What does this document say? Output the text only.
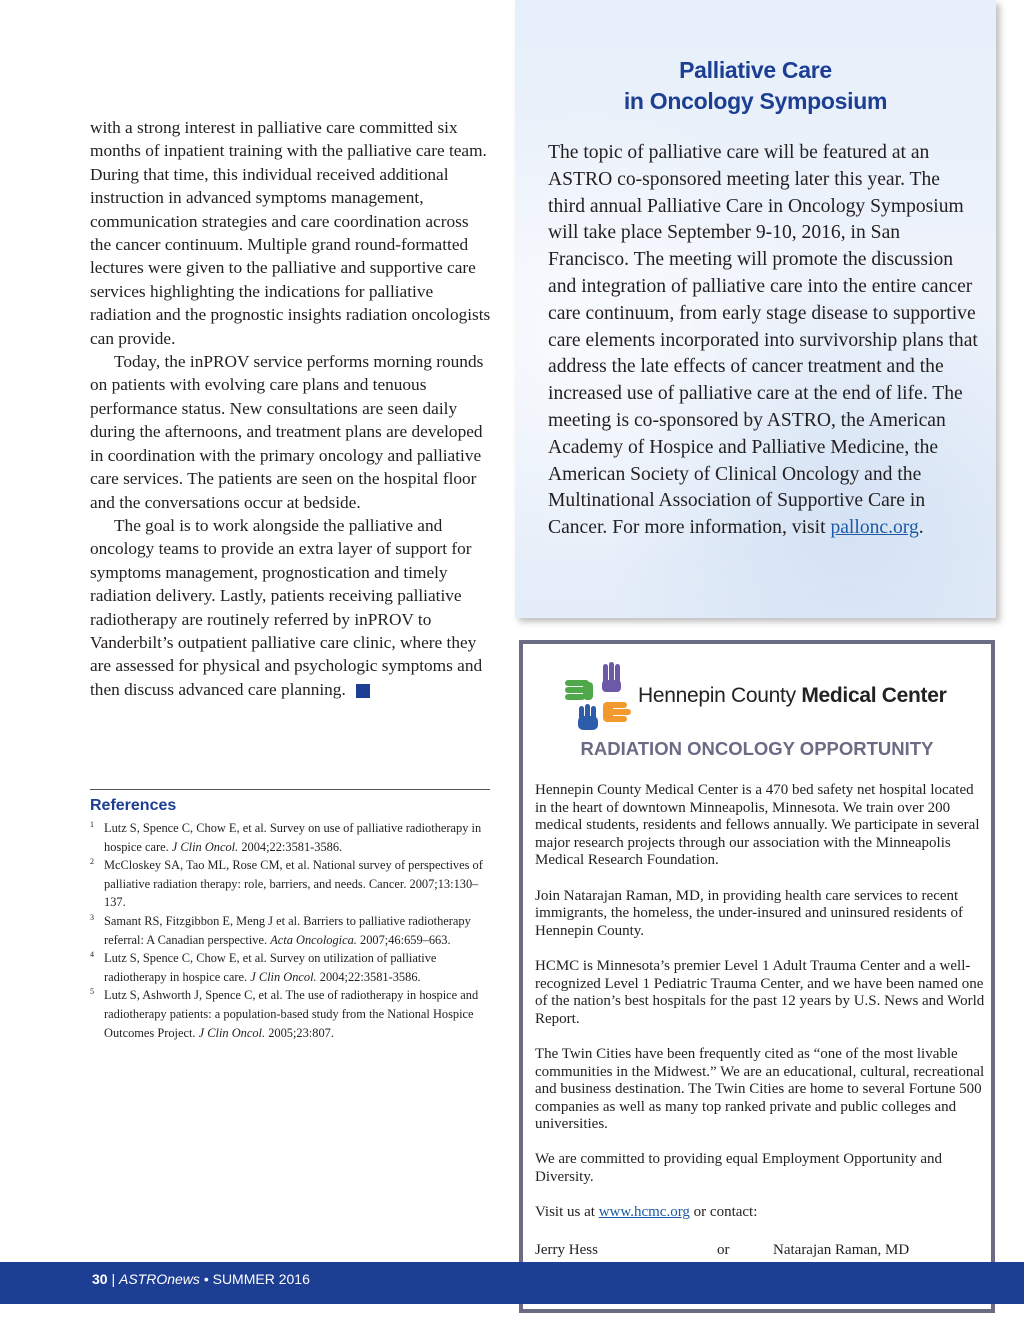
with a strong interest in palliative care committed six months of inpatient training with the palliative care team. During that time, this individual received additional instruction in advanced symptoms management, communication strategies and care coordination across the cancer continuum. Multiple grand round-formatted lectures were given to the palliative and supportive care services highlighting the indications for palliative radiation and the prognostic insights radiation oncologists can provide.

Today, the inPROV service performs morning rounds on patients with evolving care plans and tenuous performance status. New consultations are seen daily during the afternoons, and treatment plans are developed in coordination with the primary oncology and palliative care services. The patients are seen on the hospital floor and the conversations occur at bedside.

The goal is to work alongside the palliative and oncology teams to provide an extra layer of support for symptoms management, prognostication and timely radiation delivery. Lastly, patients receiving palliative radiotherapy are routinely referred by inPROV to Vanderbilt’s outpatient palliative care clinic, where they are assessed for physical and psychologic symptoms and then discuss advanced care planning.	A

References
1 Lutz S, Spence C, Chow E, et al. Survey on use of palliative radiotherapy in hospice care. J Clin Oncol. 2004;22:3581-3586.
2 McCloskey SA, Tao ML, Rose CM, et al. National survey of perspectives of palliative radiation therapy: role, barriers, and needs. Cancer. 2007;13:130–137.
3 Samant RS, Fitzgibbon E, Meng J et al. Barriers to palliative radiotherapy referral: A Canadian perspective. Acta Oncologica. 2007;46:659–663.
4 Lutz S, Spence C, Chow E, et al. Survey on utilization of palliative radiotherapy in hospice care. J Clin Oncol. 2004;22:3581-3586.
5 Lutz S, Ashworth J, Spence C, et al. The use of radiotherapy in hospice and radiotherapy patients: a population-based study from the National Hospice Outcomes Project. J Clin Oncol. 2005;23:807.
Palliative Care
in Oncology Symposium
The topic of palliative care will be featured at an ASTRO co-sponsored meeting later this year. The third annual Palliative Care in Oncology Symposium will take place September 9-10, 2016, in San Francisco. The meeting will promote the discussion and integration of palliative care into the entire cancer care continuum, from early stage disease to supportive care elements incorporated into survivorship plans that address the late effects of cancer treatment and the increased use of palliative care at the end of life. The meeting is co-sponsored by ASTRO, the American Academy of Hospice and Palliative Medicine, the American Society of Clinical Oncology and the Multinational Association of Supportive Care in Cancer. For more information, visit pallonc.org.
Hennepin County Medical Center
RADIATION ONCOLOGY OPPORTUNITY

Hennepin County Medical Center is a 470 bed safety net hospital located in the heart of downtown Minneapolis, Minnesota. We train over 200 medical students, residents and fellows annually. We participate in several major research projects through our association with the Minneapolis Medical Research Foundation.

Join Natarajan Raman, MD, in providing health care services to recent immigrants, the homeless, the under-insured and uninsured residents of Hennepin County.

HCMC is Minnesota’s premier Level 1 Adult Trauma Center and a well-recognized Level 1 Pediatric Trauma Center, and we have been named one of the nation’s best hospitals for the past 12 years by U.S. News and World Report.

The Twin Cities have been frequently cited as “one of the most livable communities in the Midwest.” We are an educational, cultural, recreational and business destination. The Twin Cities are home to several Fortune 500 companies as well as many top ranked private and public colleges and universities.

We are committed to providing equal Employment Opportunity and Diversity.

Visit us at www.hcmc.org or contact:

Jerry Hess	or	Natarajan Raman, MD
30 | ASTROnews • SUMMER 2016
